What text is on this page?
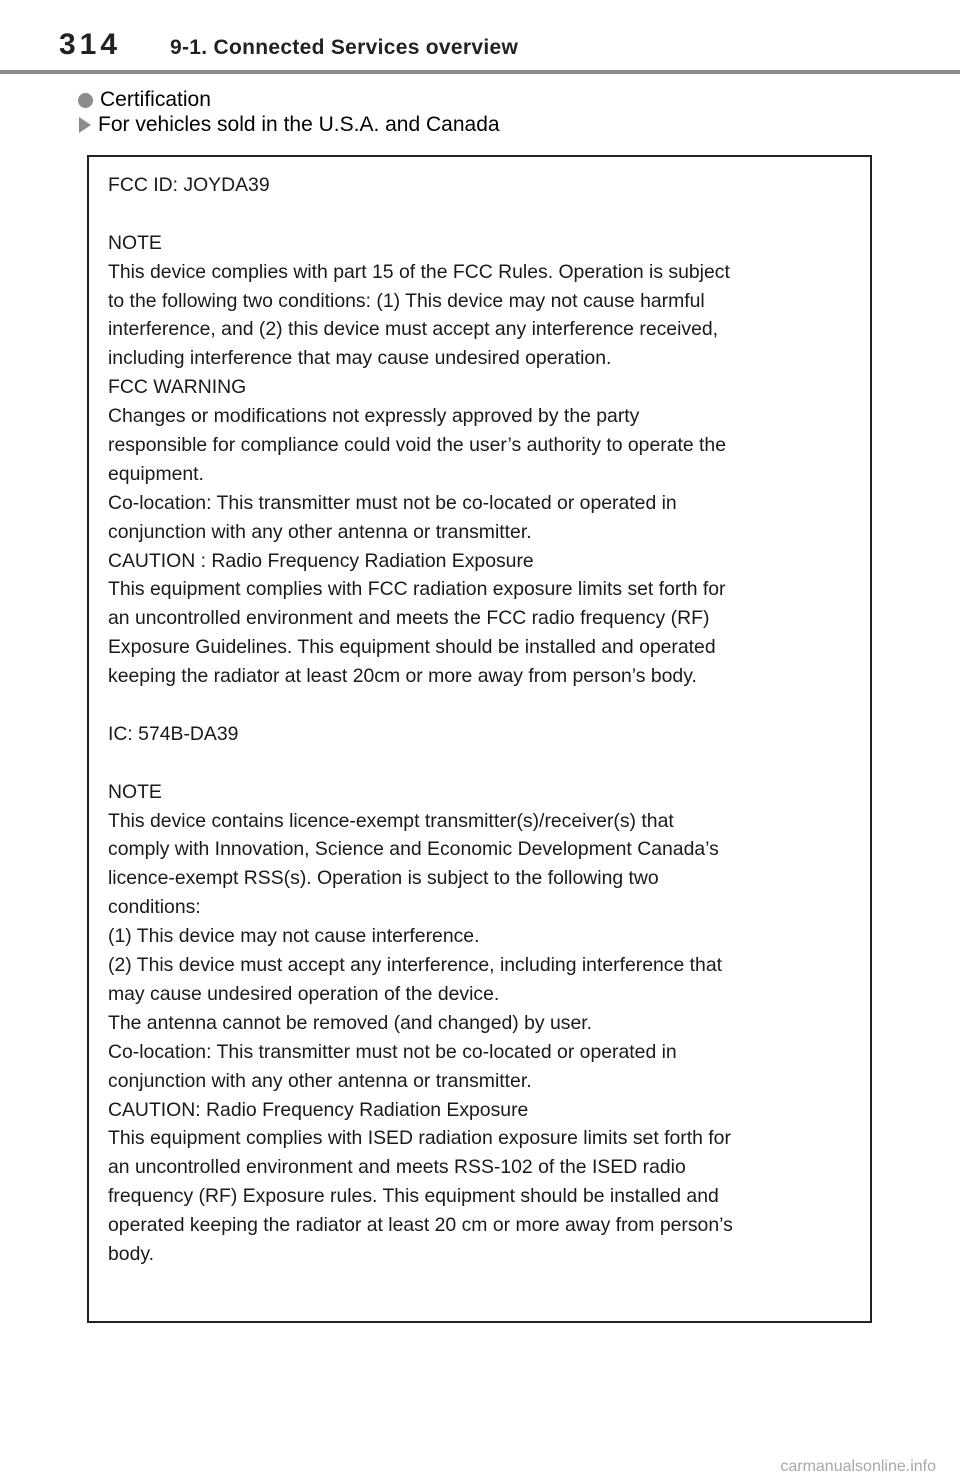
314 9-1. Connected Services overview
Certification
For vehicles sold in the U.S.A. and Canada
FCC ID: JOYDA39
NOTE
This device complies with part 15 of the FCC Rules. Operation is subject
to the following two conditions: (1) This device may not cause harmful
interference, and (2) this device must accept any interference received,
including interference that may cause undesired operation.
FCC WARNING
Changes or modifications not expressly approved by the party
responsible for compliance could void the user’s authority to operate the
equipment.
Co-location: This transmitter must not be co-located or operated in
conjunction with any other antenna or transmitter.
CAUTION : Radio Frequency Radiation Exposure
This equipment complies with FCC radiation exposure limits set forth for
an uncontrolled environment and meets the FCC radio frequency (RF)
Exposure Guidelines. This equipment should be installed and operated
keeping the radiator at least 20cm or more away from person’s body.
IC: 574B-DA39
NOTE
This device contains licence-exempt transmitter(s)/receiver(s) that
comply with Innovation, Science and Economic Development Canada’s
licence-exempt RSS(s). Operation is subject to the following two
conditions:
(1) This device may not cause interference.
(2) This device must accept any interference, including interference that
may cause undesired operation of the device.
The antenna cannot be removed (and changed) by user.
Co-location: This transmitter must not be co-located or operated in
conjunction with any other antenna or transmitter.
CAUTION: Radio Frequency Radiation Exposure
This equipment complies with ISED radiation exposure limits set forth for
an uncontrolled environment and meets RSS-102 of the ISED radio
frequency (RF) Exposure rules. This equipment should be installed and
operated keeping the radiator at least 20 cm or more away from person’s
body.
carmanualsonline.info
